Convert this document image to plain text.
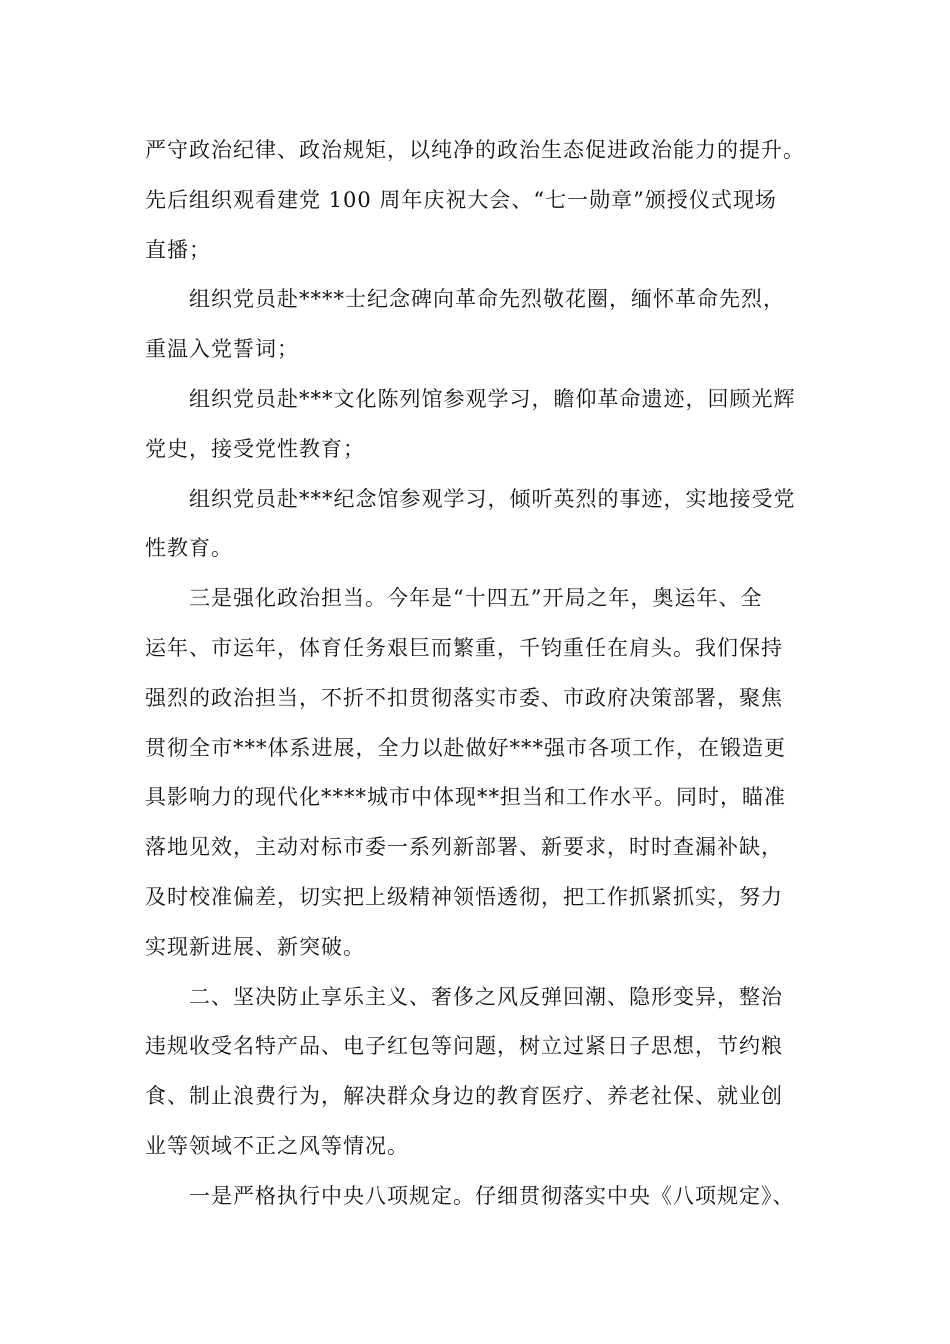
严守政治纪律、政治规矩，以纯净的政治生态促进政治能力的提升。
先后组织观看建党 100 周年庆祝大会、“七一勋章”颁授仪式现场
直播；
组织党员赴****士纪念碑向革命先烈敬花圈，缅怀革命先烈，
重温入党誓词；
组织党员赴***文化陈列馆参观学习，瞻仰革命遗迹，回顾光辉
党史，接受党性教育；
组织党员赴***纪念馆参观学习，倾听英烈的事迹，实地接受党
性教育。
三是强化政治担当。今年是“十四五”开局之年，奥运年、全
运年、市运年，体育任务艰巨而繁重，千钧重任在肩头。我们保持
强烈的政治担当，不折不扣贯彻落实市委、市政府决策部署，聚焦
贯彻全市***体系进展，全力以赴做好***强市各项工作，在锻造更
具影响力的现代化****城市中体现**担当和工作水平。同时，瞄准
落地见效，主动对标市委一系列新部署、新要求，时时查漏补缺，
及时校准偏差，切实把上级精神领悟透彻，把工作抓紧抓实，努力
实现新进展、新突破。
二、坚决防止享乐主义、奢侈之风反弹回潮、隐形变异，整治
违规收受名特产品、电子红包等问题，树立过紧日子思想，节约粮
食、制止浪费行为，解决群众身边的教育医疗、养老社保、就业创
业等领域不正之风等情况。
一是严格执行中央八项规定。仔细贯彻落实中央《八项规定》、
